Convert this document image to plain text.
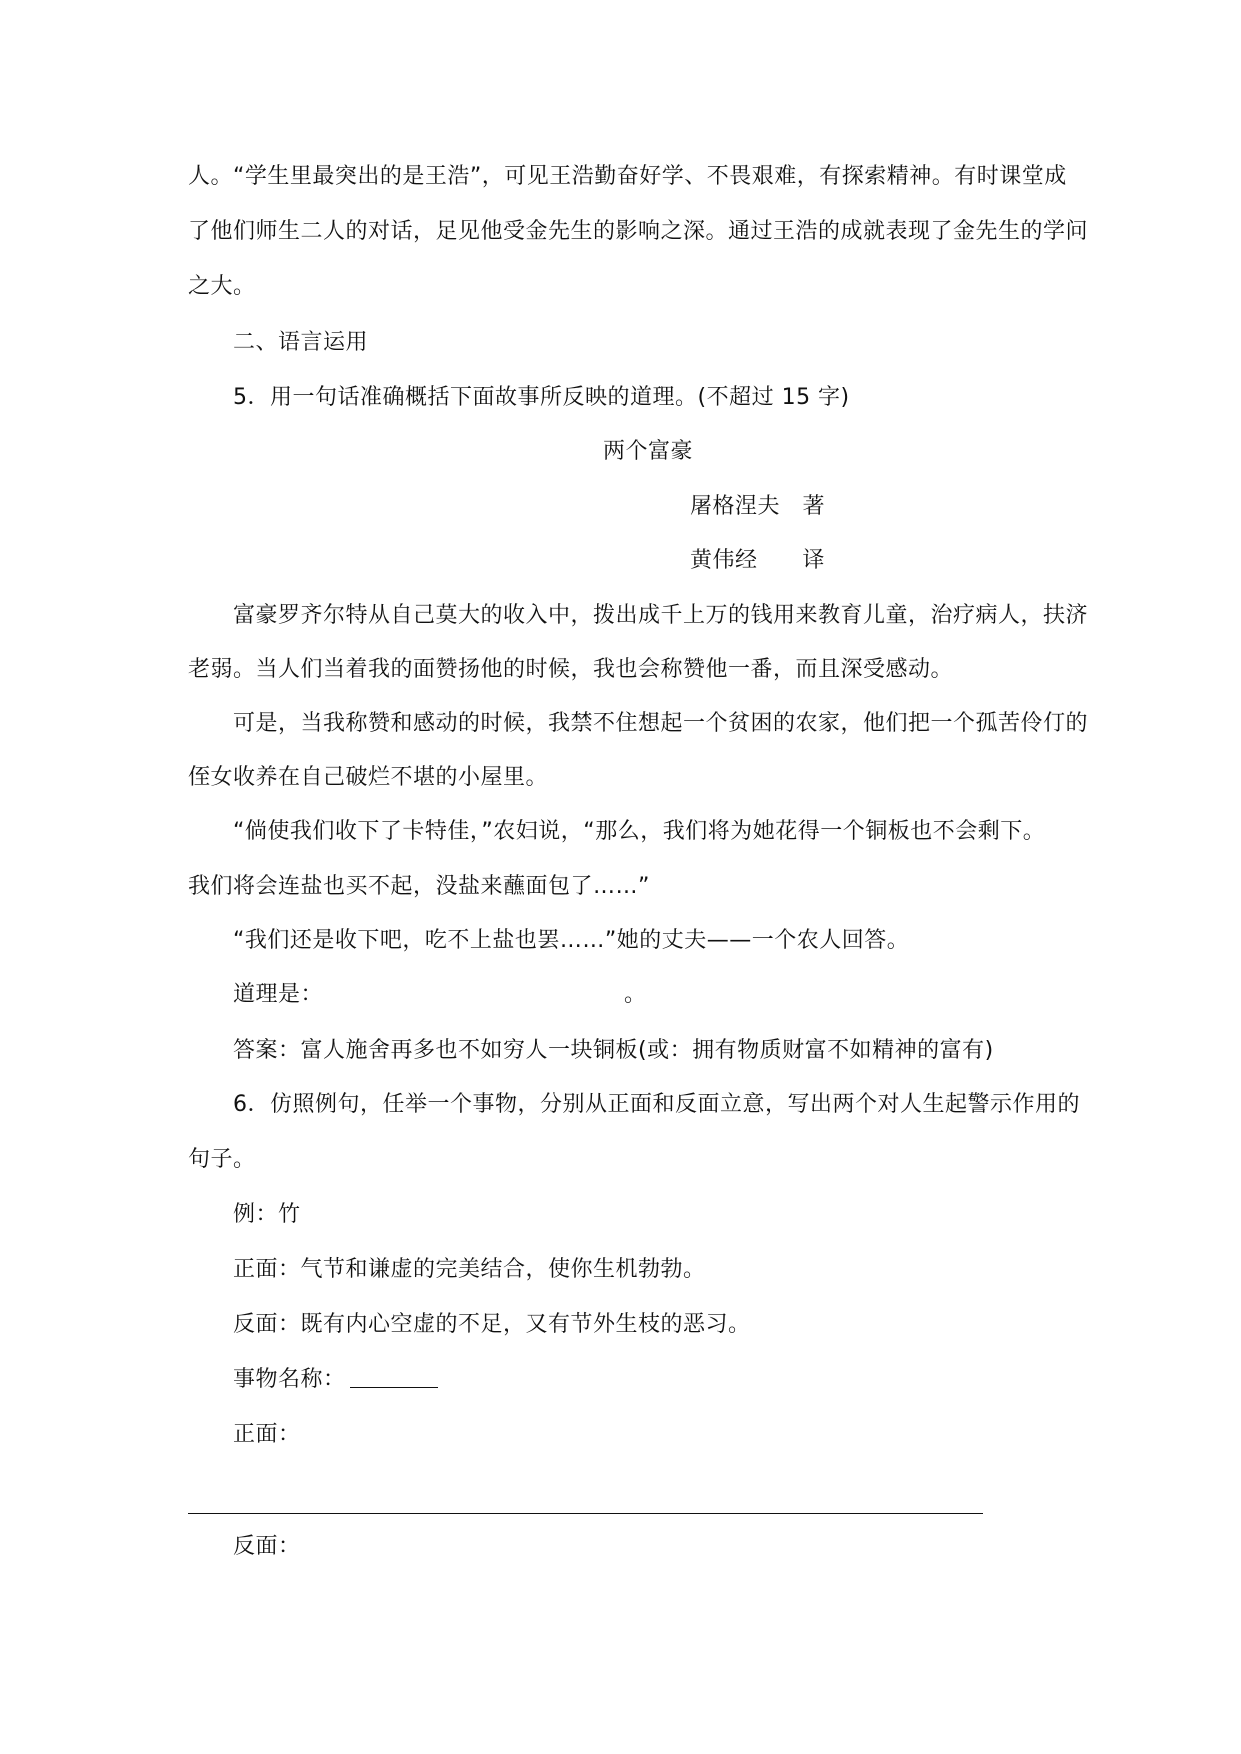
人。“学生里最突出的是王浩”，可见王浩勤奋好学、不畏艰难，有探索精神。有时课堂成
了他们师生二人的对话，足见他受金先生的影响之深。通过王浩的成就表现了金先生的学问
之大。
二、语言运用
5．用一句话准确概括下面故事所反映的道理。(不超过 15 字)
两个富豪
屠格涅夫　著
黄伟经　　译
富豪罗齐尔特从自己莫大的收入中，拨出成千上万的钱用来教育儿童，治疗病人，扶济
老弱。当人们当着我的面赞扬他的时候，我也会称赞他一番，而且深受感动。
可是，当我称赞和感动的时候，我禁不住想起一个贫困的农家，他们把一个孤苦伶仃的
侄女收养在自己破烂不堪的小屋里。
“倘使我们收下了卡特佳，”农妇说，“那么，我们将为她花得一个铜板也不会剩下。
我们将会连盐也买不起，没盐来蘸面包了……”
“我们还是收下吧，吃不上盐也罢……”她的丈夫——一个农人回答。
道理是：	。
答案：富人施舍再多也不如穷人一块铜板(或：拥有物质财富不如精神的富有)
6．仿照例句，任举一个事物，分别从正面和反面立意，写出两个对人生起警示作用的
句子。
例：竹
正面：气节和谦虚的完美结合，使你生机勃勃。
反面：既有内心空虚的不足，又有节外生枝的恶习。
事物名称：
正面：
反面：
